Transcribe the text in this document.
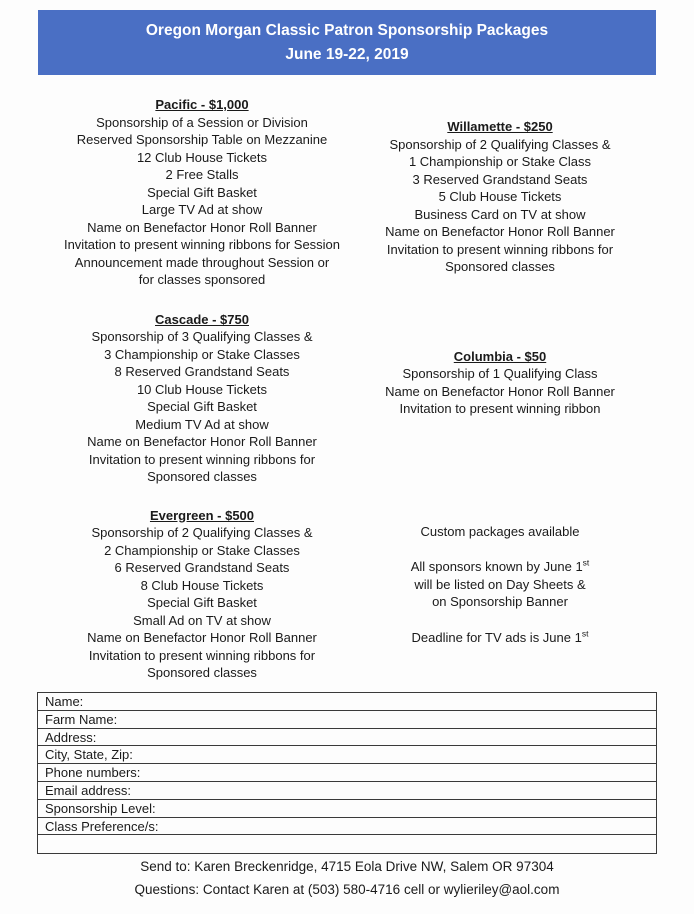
Oregon Morgan Classic Patron Sponsorship Packages
June 19-22, 2019
Pacific - $1,000
Sponsorship of a Session or Division
Reserved Sponsorship Table on Mezzanine
12 Club House Tickets
2 Free Stalls
Special Gift Basket
Large TV Ad at show
Name on Benefactor Honor Roll Banner
Invitation to present winning ribbons for Session
Announcement made throughout Session or
for classes sponsored
Cascade - $750
Sponsorship of 3 Qualifying Classes &
3 Championship or Stake Classes
8 Reserved Grandstand Seats
10 Club House Tickets
Special Gift Basket
Medium TV Ad at show
Name on Benefactor Honor Roll Banner
Invitation to present winning ribbons for
Sponsored classes
Evergreen - $500
Sponsorship of 2 Qualifying Classes &
2 Championship or Stake Classes
6 Reserved Grandstand Seats
8 Club House Tickets
Special Gift Basket
Small Ad on TV at show
Name on Benefactor Honor Roll Banner
Invitation to present winning ribbons for
Sponsored classes
Willamette - $250
Sponsorship of 2 Qualifying Classes &
1 Championship or Stake Class
3 Reserved Grandstand Seats
5 Club House Tickets
Business Card on TV at show
Name on Benefactor Honor Roll Banner
Invitation to present winning ribbons for
Sponsored classes
Columbia - $50
Sponsorship of 1 Qualifying Class
Name on Benefactor Honor Roll Banner
Invitation to present winning ribbon
Custom packages available
All sponsors known by June 1st
will be listed on Day Sheets &
on Sponsorship Banner
Deadline for TV ads is June 1st
Name:
Farm Name:
Address:
City, State, Zip:
Phone numbers:
Email address:
Sponsorship Level:
Class Preference/s:
Send to: Karen Breckenridge, 4715 Eola Drive NW, Salem OR 97304
Questions: Contact Karen at (503) 580-4716 cell or wylieriley@aol.com
